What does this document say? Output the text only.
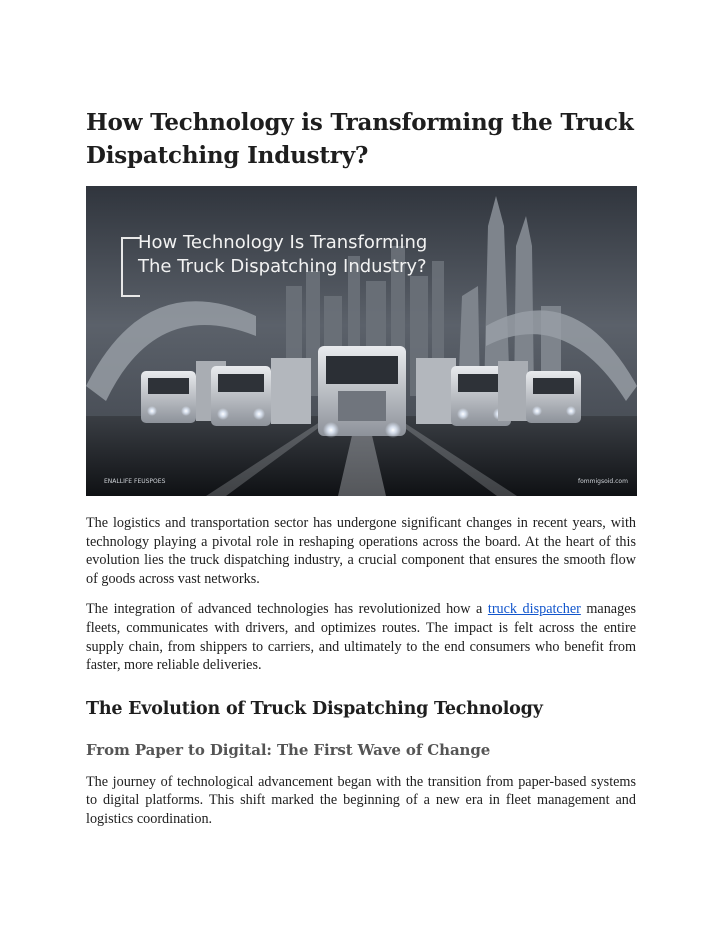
How Technology is Transforming the Truck Dispatching Industry?
How Technology Is Transforming
The Truck Dispatching Industry?
ENALLIFE FEUSPOES	fommigsoid.com

The logistics and transportation sector has undergone significant changes in recent years, with technology playing a pivotal role in reshaping operations across the board. At the heart of this evolution lies the truck dispatching industry, a crucial component that ensures the smooth flow of goods across vast networks.

The integration of advanced technologies has revolutionized how a truck dispatcher manages fleets, communicates with drivers, and optimizes routes. The impact is felt across the entire supply chain, from shippers to carriers, and ultimately to the end consumers who benefit from faster, more reliable deliveries.

The Evolution of Truck Dispatching Technology
From Paper to Digital: The First Wave of Change

The journey of technological advancement began with the transition from paper-based systems to digital platforms. This shift marked the beginning of a new era in fleet management and logistics coordination.
